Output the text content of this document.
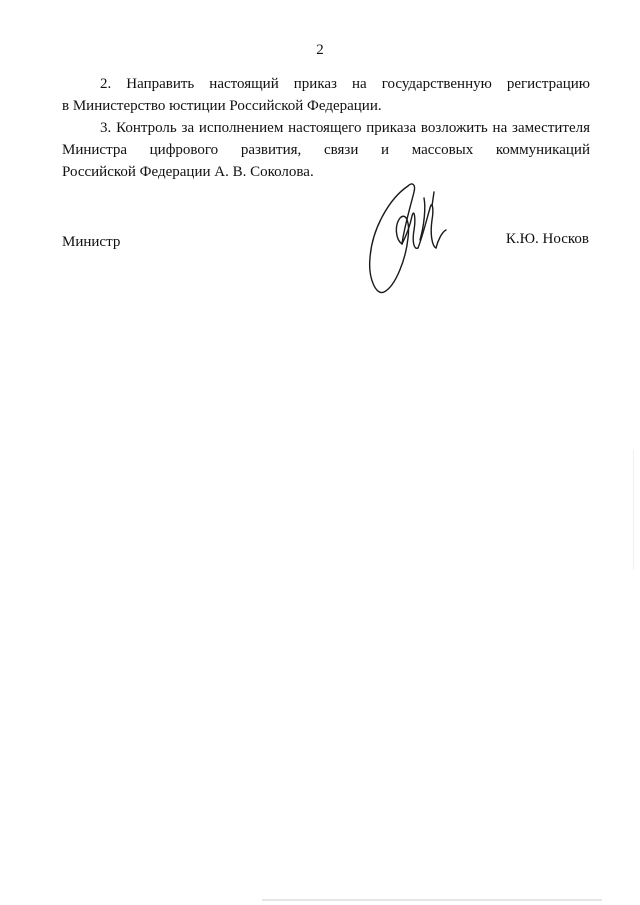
2
2. Направить настоящий приказ на государственную регистрацию
в Министерство юстиции Российской Федерации.
3. Контроль за исполнением настоящего приказа возложить на заместителя
Министра цифрового развития, связи и массовых коммуникаций
Российской Федерации А. В. Соколова.
Министр	К.Ю. Носков
